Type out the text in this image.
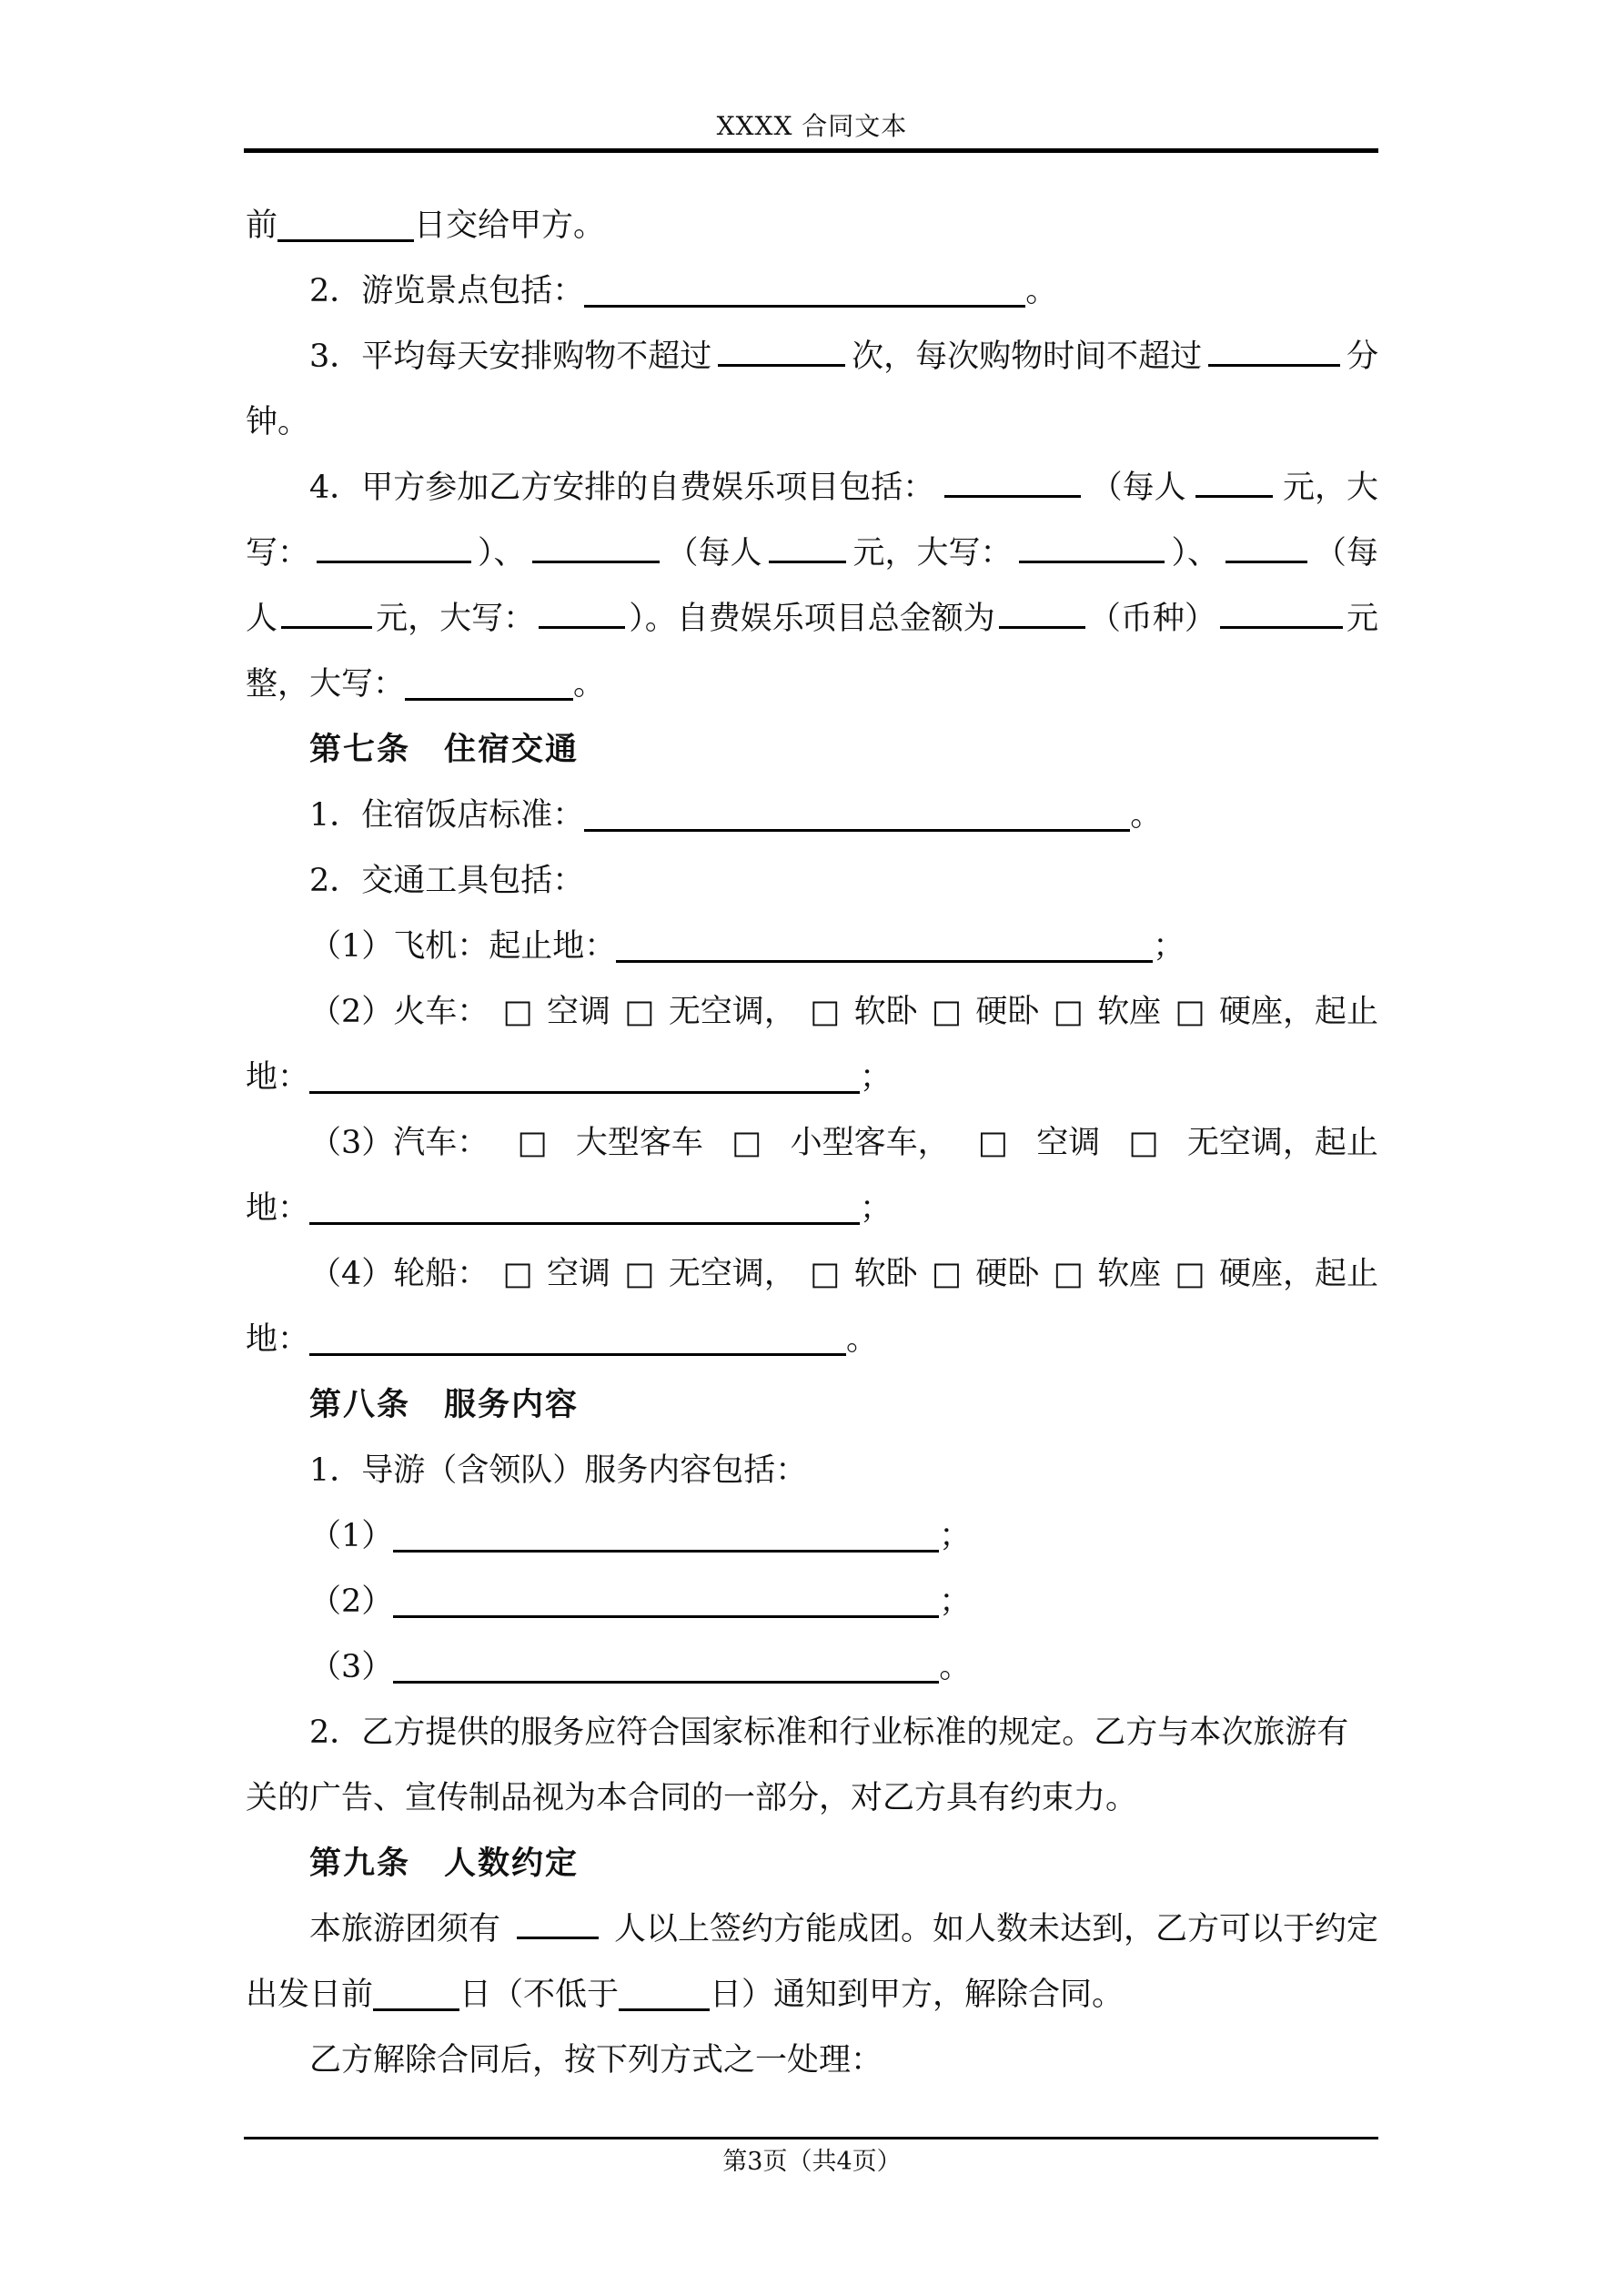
XXXX 合同文本
前	日交给甲方。
2．游览景点包括：	。
3．平均每天安排购物不超过	次，每次购物时间不超过	分
钟。
4．甲方参加乙方安排的自费娱乐项目包括：	（每人	元，大
写：	）、	（每人	元，大写：	）、	（每
人	元，大写：	）。自费娱乐项目总金额为	（币种）	元
整，大写：	。
第七条　住宿交通
1．住宿饭店标准：	。
2．交通工具包括：
（1）飞机：起止地：	；
（2）火车： □ 空调 □ 无空调， □ 软卧 □ 硬卧 □ 软座 □ 硬座，起止
地：	；
（3）汽车： □ 大型客车 □ 小型客车， □ 空调 □ 无空调，起止
地：	；
（4）轮船： □ 空调 □ 无空调， □ 软卧 □ 硬卧 □ 软座 □ 硬座，起止
地：	。
第八条　服务内容
1．导游（含领队）服务内容包括：
（1）	；
（2）	；
（3）	。
2．乙方提供的服务应符合国家标准和行业标准的规定。乙方与本次旅游有
关的广告、宣传制品视为本合同的一部分，对乙方具有约束力。
第九条　人数约定
本旅游团须有	人以上签约方能成团。如人数未达到，乙方可以于约定
出发日前	日（不低于	日）通知到甲方，解除合同。
乙方解除合同后，按下列方式之一处理：
第3页（共4页）
